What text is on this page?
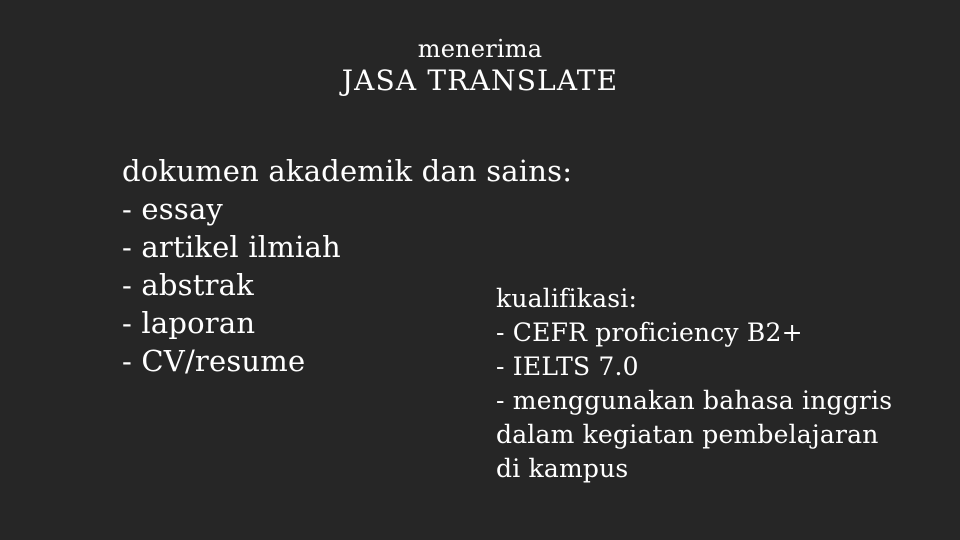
menerima
JASA TRANSLATE
dokumen akademik dan sains:
- essay
- artikel ilmiah
- abstrak
- laporan
- CV/resume
kualifikasi:
- CEFR proficiency B2+
- IELTS 7.0
- menggunakan bahasa inggris
dalam kegiatan pembelajaran
di kampus
